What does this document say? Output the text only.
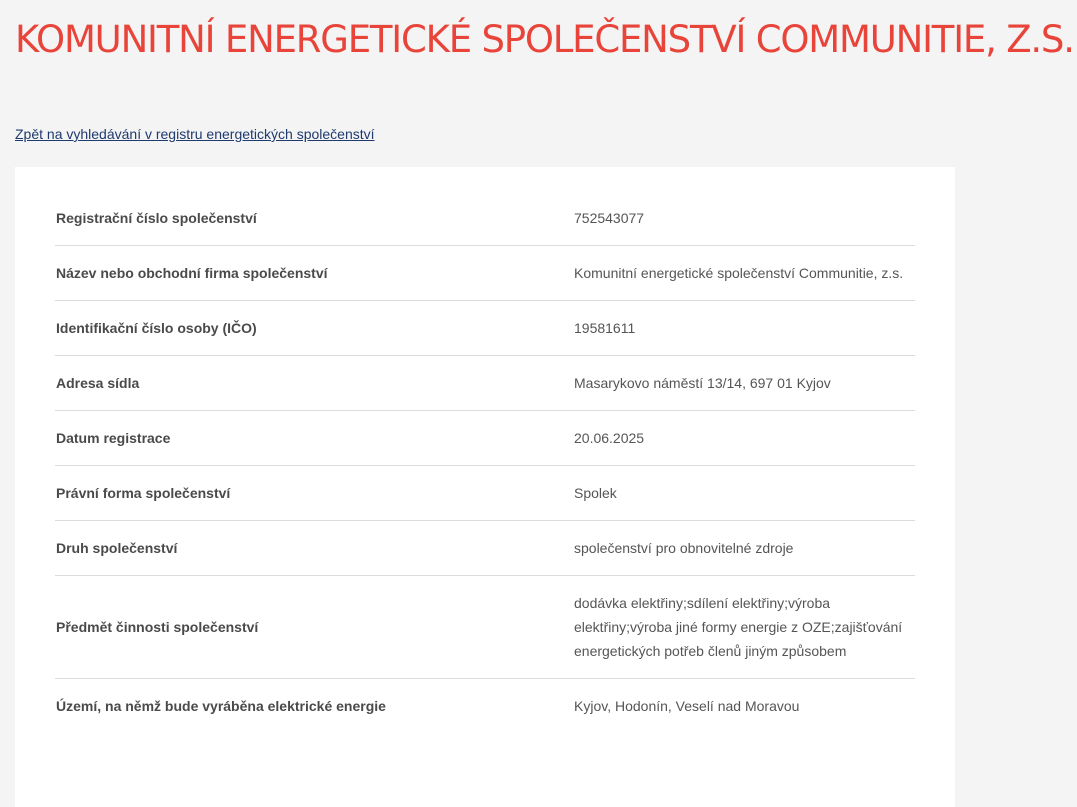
KOMUNITNÍ ENERGETICKÉ SPOLEČENSTVÍ COMMUNITIE, Z.S.
Zpět na vyhledávání v registru energetických společenství
Registrační číslo společenství	752543077
Název nebo obchodní firma společenství	Komunitní energetické společenství Communitie, z.s.
Identifikační číslo osoby (IČO)	19581611
Adresa sídla	Masarykovo náměstí 13/14, 697 01 Kyjov
Datum registrace	20.06.2025
Právní forma společenství	Spolek
Druh společenství	společenství pro obnovitelné zdroje
Předmět činnosti společenství	dodávka elektřiny;sdílení elektřiny;výroba elektřiny;výroba jiné formy energie z OZE;zajišťování energetických potřeb členů jiným způsobem
Území, na němž bude vyráběna elektrické energie	Kyjov, Hodonín, Veselí nad Moravou
